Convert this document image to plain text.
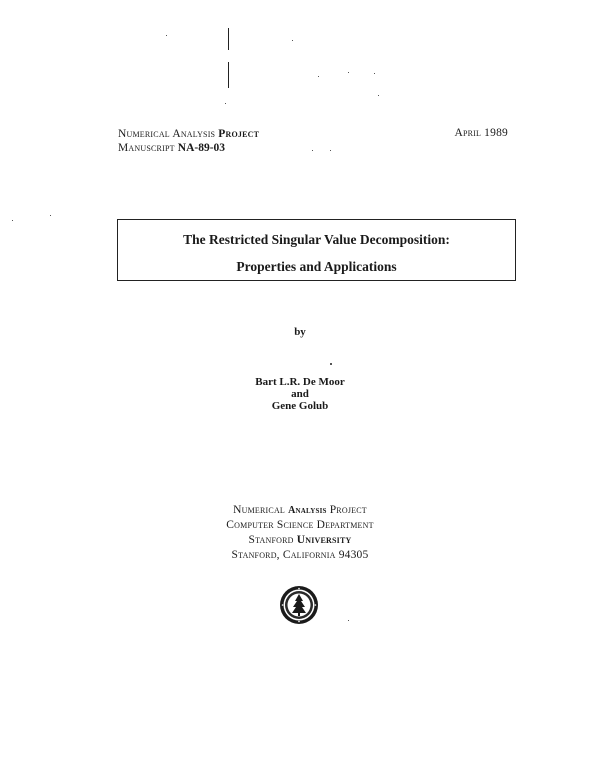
Numerical Analysis Project
Manuscript NA-89-03
April 1989
The Restricted Singular Value Decomposition:
Properties and Applications
by
Bart L.R. De Moor
and
Gene Golub
Numerical Analysis Project
Computer Science Department
Stanford University
Stanford, California 94305
